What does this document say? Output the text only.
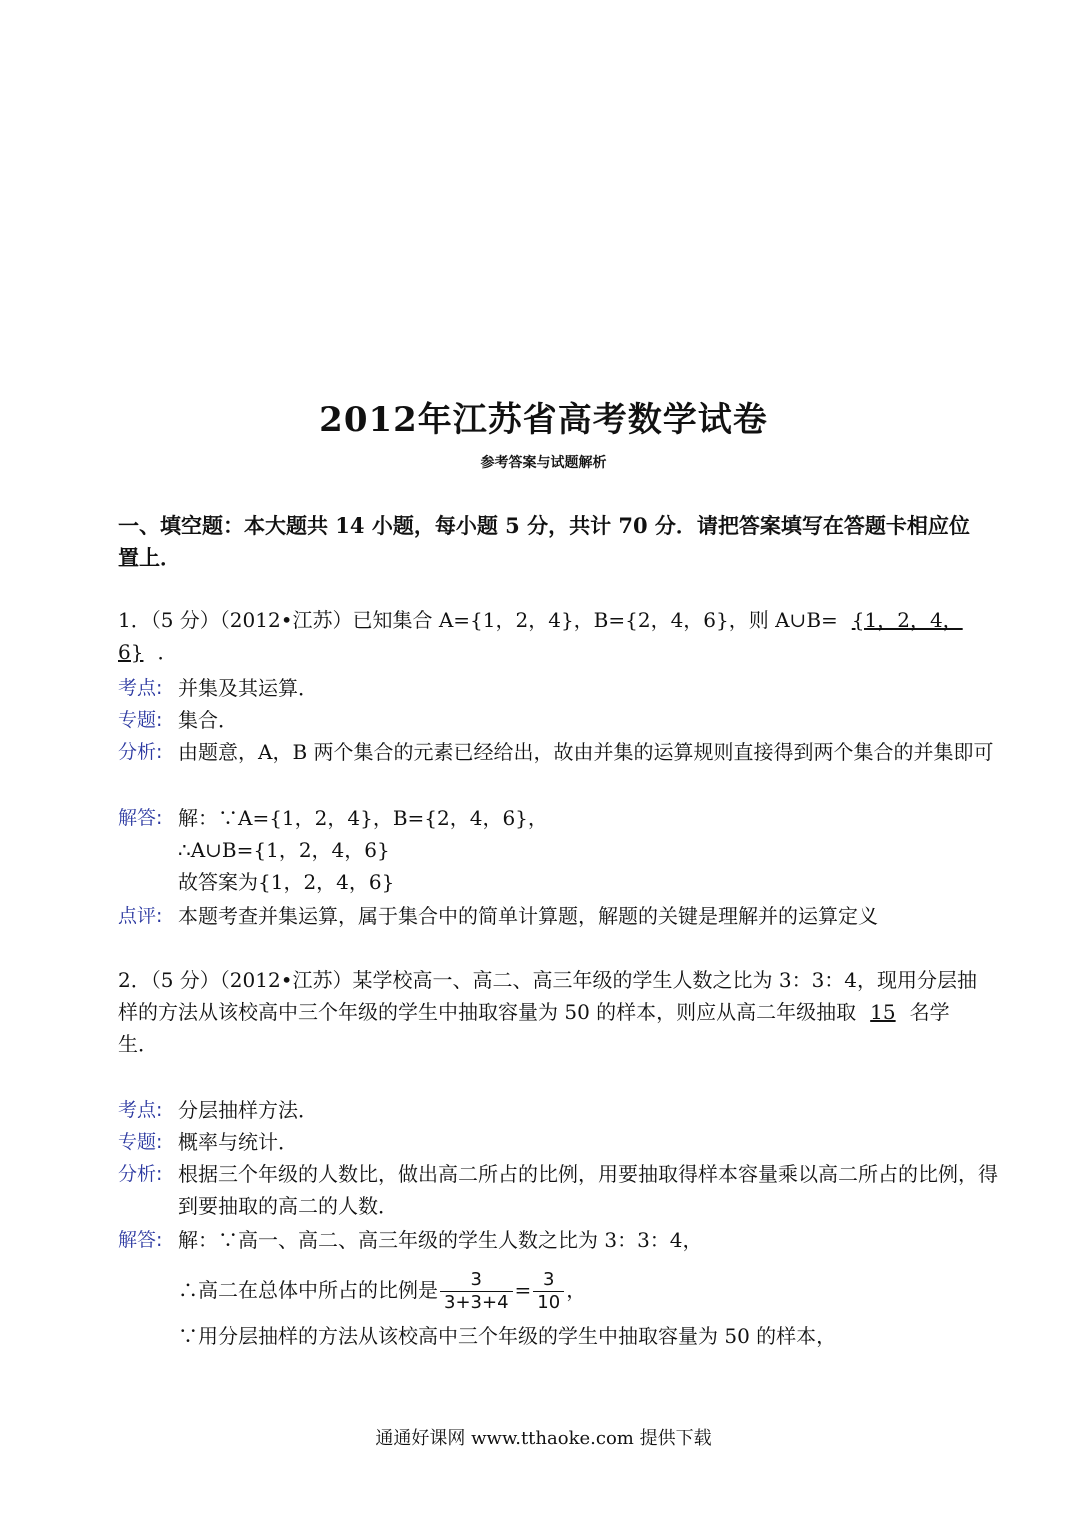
2012年江苏省高考数学试卷
参考答案与试题解析
一、填空题：本大题共 14 小题，每小题 5 分，共计 70 分．请把答案填写在答题卡相应位置上．
1．（5 分）（2012•江苏）已知集合 A={1，2，4}，B={2，4，6}，则 A∪B= {1，2，4，6} ．
考点: 并集及其运算．
专题: 集合．
分析: 由题意，A，B 两个集合的元素已经给出，故由并集的运算规则直接得到两个集合的并集即可
解答: 解：∵A={1，2，4}，B={2，4，6}，
∴A∪B={1，2，4，6}
故答案为{1，2，4，6}
点评: 本题考查并集运算，属于集合中的简单计算题，解题的关键是理解并的运算定义
2．（5 分）（2012•江苏）某学校高一、高二、高三年级的学生人数之比为 3：3：4，现用分层抽样的方法从该校高中三个年级的学生中抽取容量为 50 的样本，则应从高二年级抽取 15 名学生．
考点: 分层抽样方法．
专题: 概率与统计．
分析: 根据三个年级的人数比，做出高二所占的比例，用要抽取得样本容量乘以高二所占的比例，得到要抽取的高二的人数．
解答: 解：∵高一、高二、高三年级的学生人数之比为 3：3：4，
∴高二在总体中所占的比例是 $\frac{3}{3+3+4} = \frac{3}{10}$ ，
∵用分层抽样的方法从该校高中三个年级的学生中抽取容量为 50 的样本，
通通好课网 www.tthaoke.com 提供下载
